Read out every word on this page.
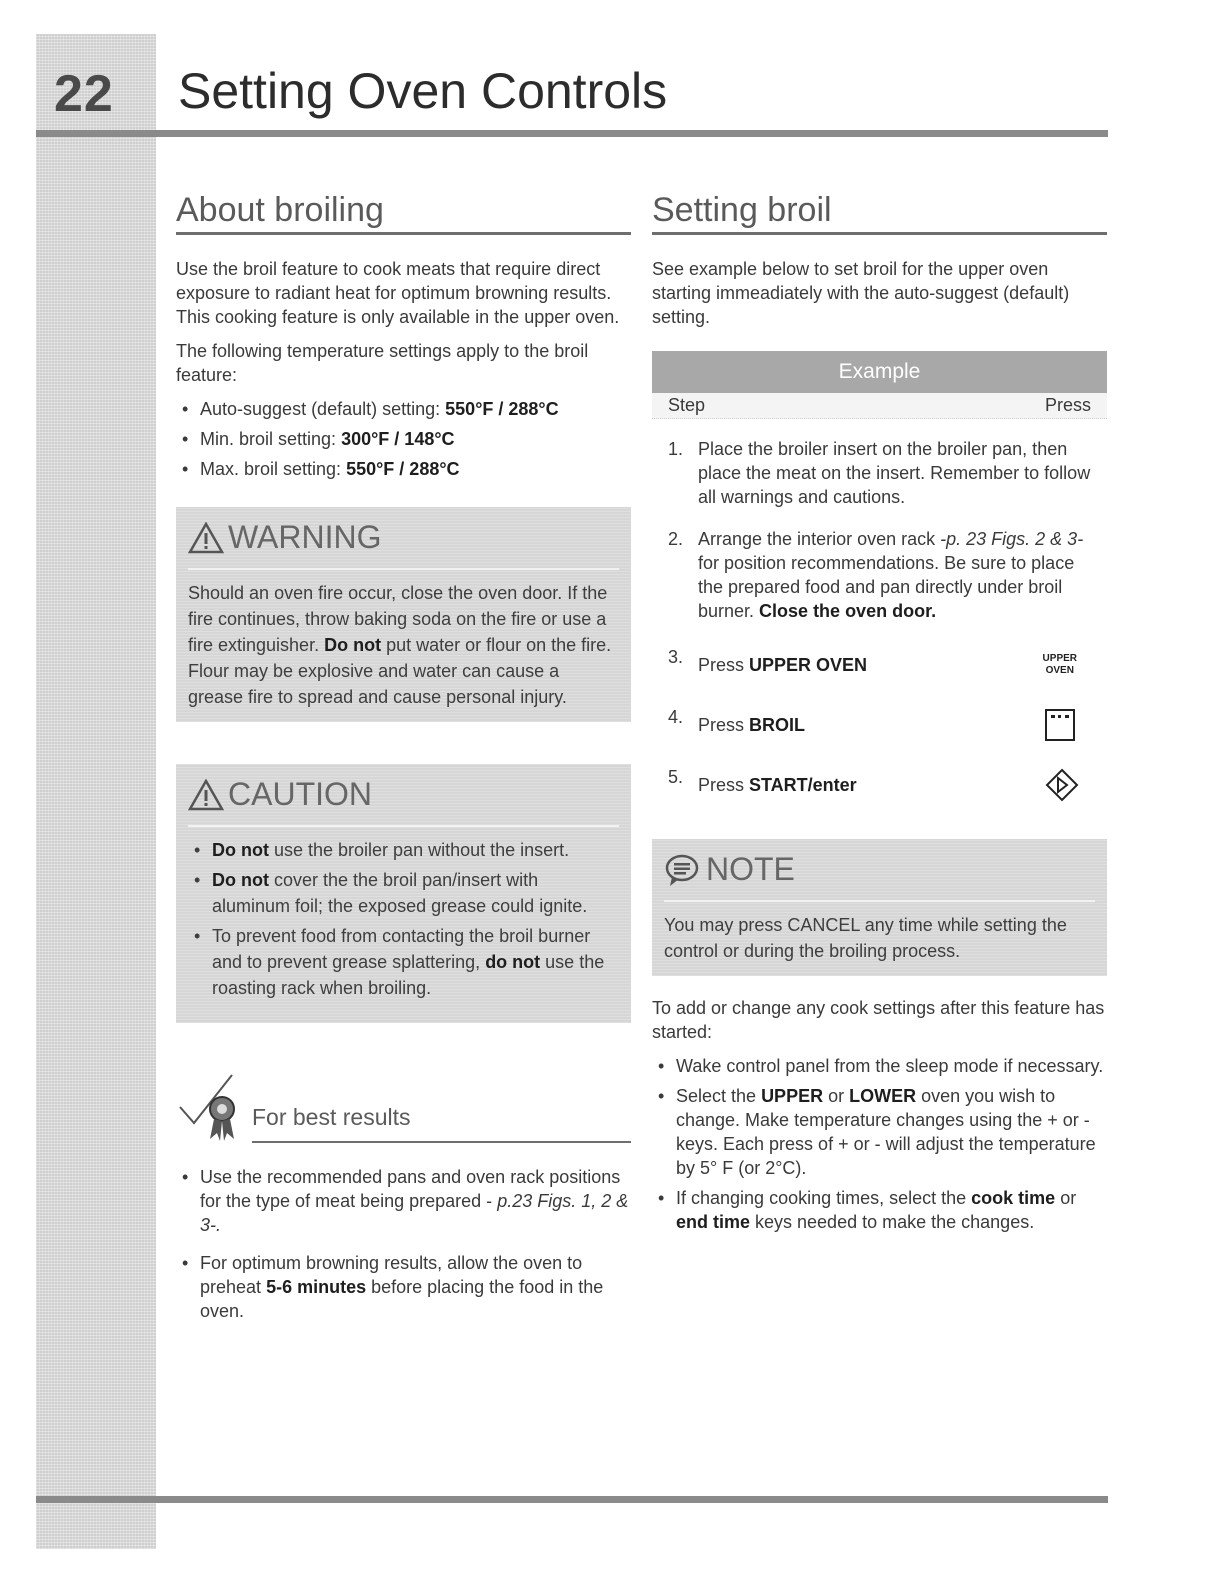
22 Setting Oven Controls
About broiling

Use the broil feature to cook meats that require direct exposure to radiant heat for optimum browning results. This cooking feature is only available in the upper oven.

The following temperature settings apply to the broil feature:

• Auto-suggest (default) setting: 550°F / 288°C
• Min. broil setting: 300°F / 148°C
• Max. broil setting: 550°F / 288°C
WARNING
Should an oven fire occur, close the oven door. If the fire continues, throw baking soda on the fire or use a fire extinguisher. Do not put water or flour on the fire. Flour may be explosive and water can cause a grease fire to spread and cause personal injury.
CAUTION
• Do not use the broiler pan without the insert.
• Do not cover the the broil pan/insert with aluminum foil; the exposed grease could ignite.
• To prevent food from contacting the broil burner and to prevent grease splattering, do not use the roasting rack when broiling.
For best results
• Use the recommended pans and oven rack positions for the type of meat being prepared - p.23 Figs. 1, 2 & 3-.
• For optimum browning results, allow the oven to preheat 5-6 minutes before placing the food in the oven.
Setting broil

See example below to set broil for the upper oven starting immeadiately with the auto-suggest (default) setting.

Example
Step	Press
1. Place the broiler insert on the broiler pan, then place the meat on the insert. Remember to follow all warnings and cautions.
2. Arrange the interior oven rack -p. 23 Figs. 2 & 3- for position recommendations. Be sure to place the prepared food and pan directly under broil burner. Close the oven door.
3. Press UPPER OVEN	UPPER
OVEN
4. Press BROIL
5. Press START/enter
NOTE
You may press CANCEL any time while setting the control or during the broiling process.

To add or change any cook settings after this feature has started:

• Wake control panel from the sleep mode if necessary.
• Select the UPPER or LOWER oven you wish to change. Make temperature changes using the + or - keys. Each press of + or - will adjust the temperature by 5° F (or 2°C).
• If changing cooking times, select the cook time or end time keys needed to make the changes.
